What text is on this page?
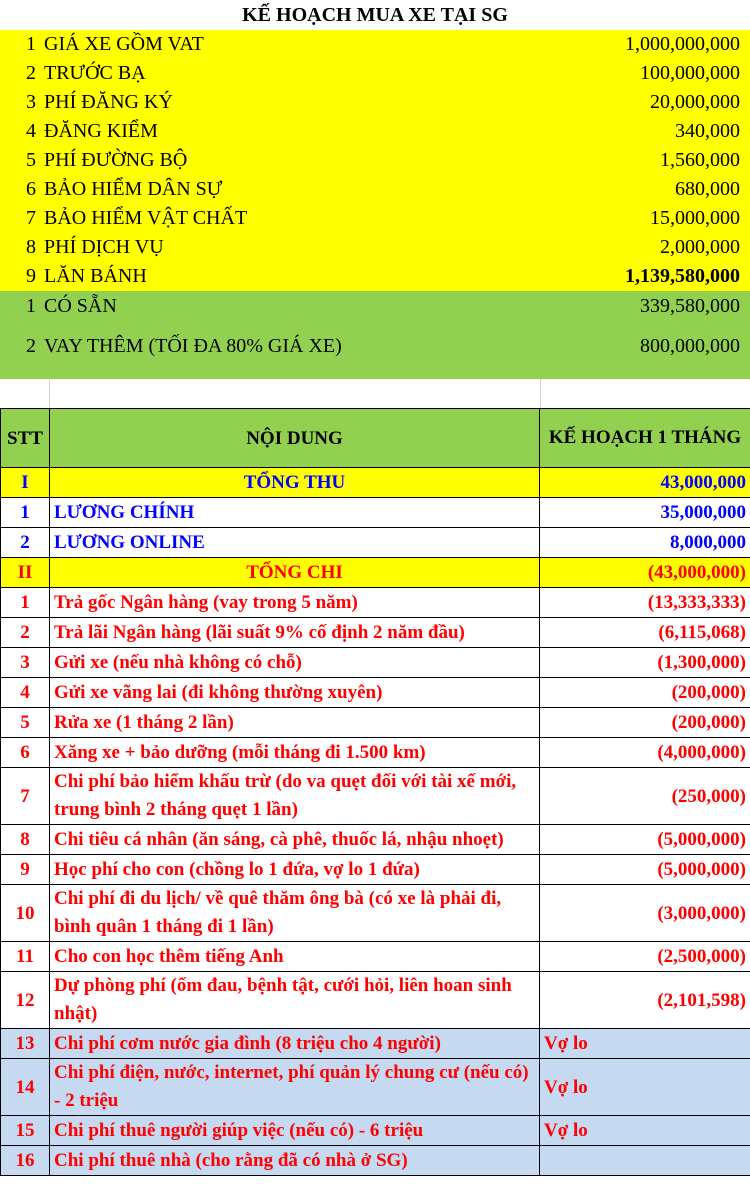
KẾ HOẠCH MUA XE TẠI SG
1 GIÁ XE GỒM VAT	1,000,000,000
2 TRƯỚC BẠ	100,000,000
3 PHÍ ĐĂNG KÝ	20,000,000
4 ĐĂNG KIỂM	340,000
5 PHÍ ĐƯỜNG BỘ	1,560,000
6 BẢO HIỂM DÂN SỰ	680,000
7 BẢO HIỂM VẬT CHẤT	15,000,000
8 PHÍ DỊCH VỤ	2,000,000
9 LĂN BÁNH	1,139,580,000
1 CÓ SẴN	339,580,000
2 VAY THÊM (TỐI ĐA 80% GIÁ XE)	800,000,000
STT	NỘI DUNG	KẾ HOẠCH 1 THÁNG
I	TỔNG THU	43,000,000
1	LƯƠNG CHÍNH	35,000,000
2	LƯƠNG ONLINE	8,000,000
II	TỔNG CHI	(43,000,000)
1	Trả gốc Ngân hàng (vay trong 5 năm)	(13,333,333)
2	Trả lãi Ngân hàng (lãi suất 9% cố định 2 năm đầu)	(6,115,068)
3	Gửi xe (nếu nhà không có chỗ)	(1,300,000)
4	Gửi xe vãng lai (đi không thường xuyên)	(200,000)
5	Rửa xe (1 tháng 2 lần)	(200,000)
6	Xăng xe + bảo dưỡng (mỗi tháng đi 1.500 km)	(4,000,000)
7	Chi phí bảo hiểm khấu trừ (do va quẹt đối với tài xế mới, trung bình 2 tháng quẹt 1 lần)	(250,000)
8	Chi tiêu cá nhân (ăn sáng, cà phê, thuốc lá, nhậu nhoẹt)	(5,000,000)
9	Học phí cho con (chồng lo 1 đứa, vợ lo 1 đứa)	(5,000,000)
10	Chi phí đi du lịch/ về quê thăm ông bà (có xe là phải đi, bình quân 1 tháng đi 1 lần)	(3,000,000)
11	Cho con học thêm tiếng Anh	(2,500,000)
12	Dự phòng phí (ốm đau, bệnh tật, cưới hỏi, liên hoan sinh nhật)	(2,101,598)
13	Chi phí cơm nước gia đình (8 triệu cho 4 người)	Vợ lo
14	Chi phí điện, nước, internet, phí quản lý chung cư (nếu có) - 2 triệu	Vợ lo
15	Chi phí thuê người giúp việc (nếu có) - 6 triệu	Vợ lo
16	Chi phí thuê nhà (cho rằng đã có nhà ở SG)	
